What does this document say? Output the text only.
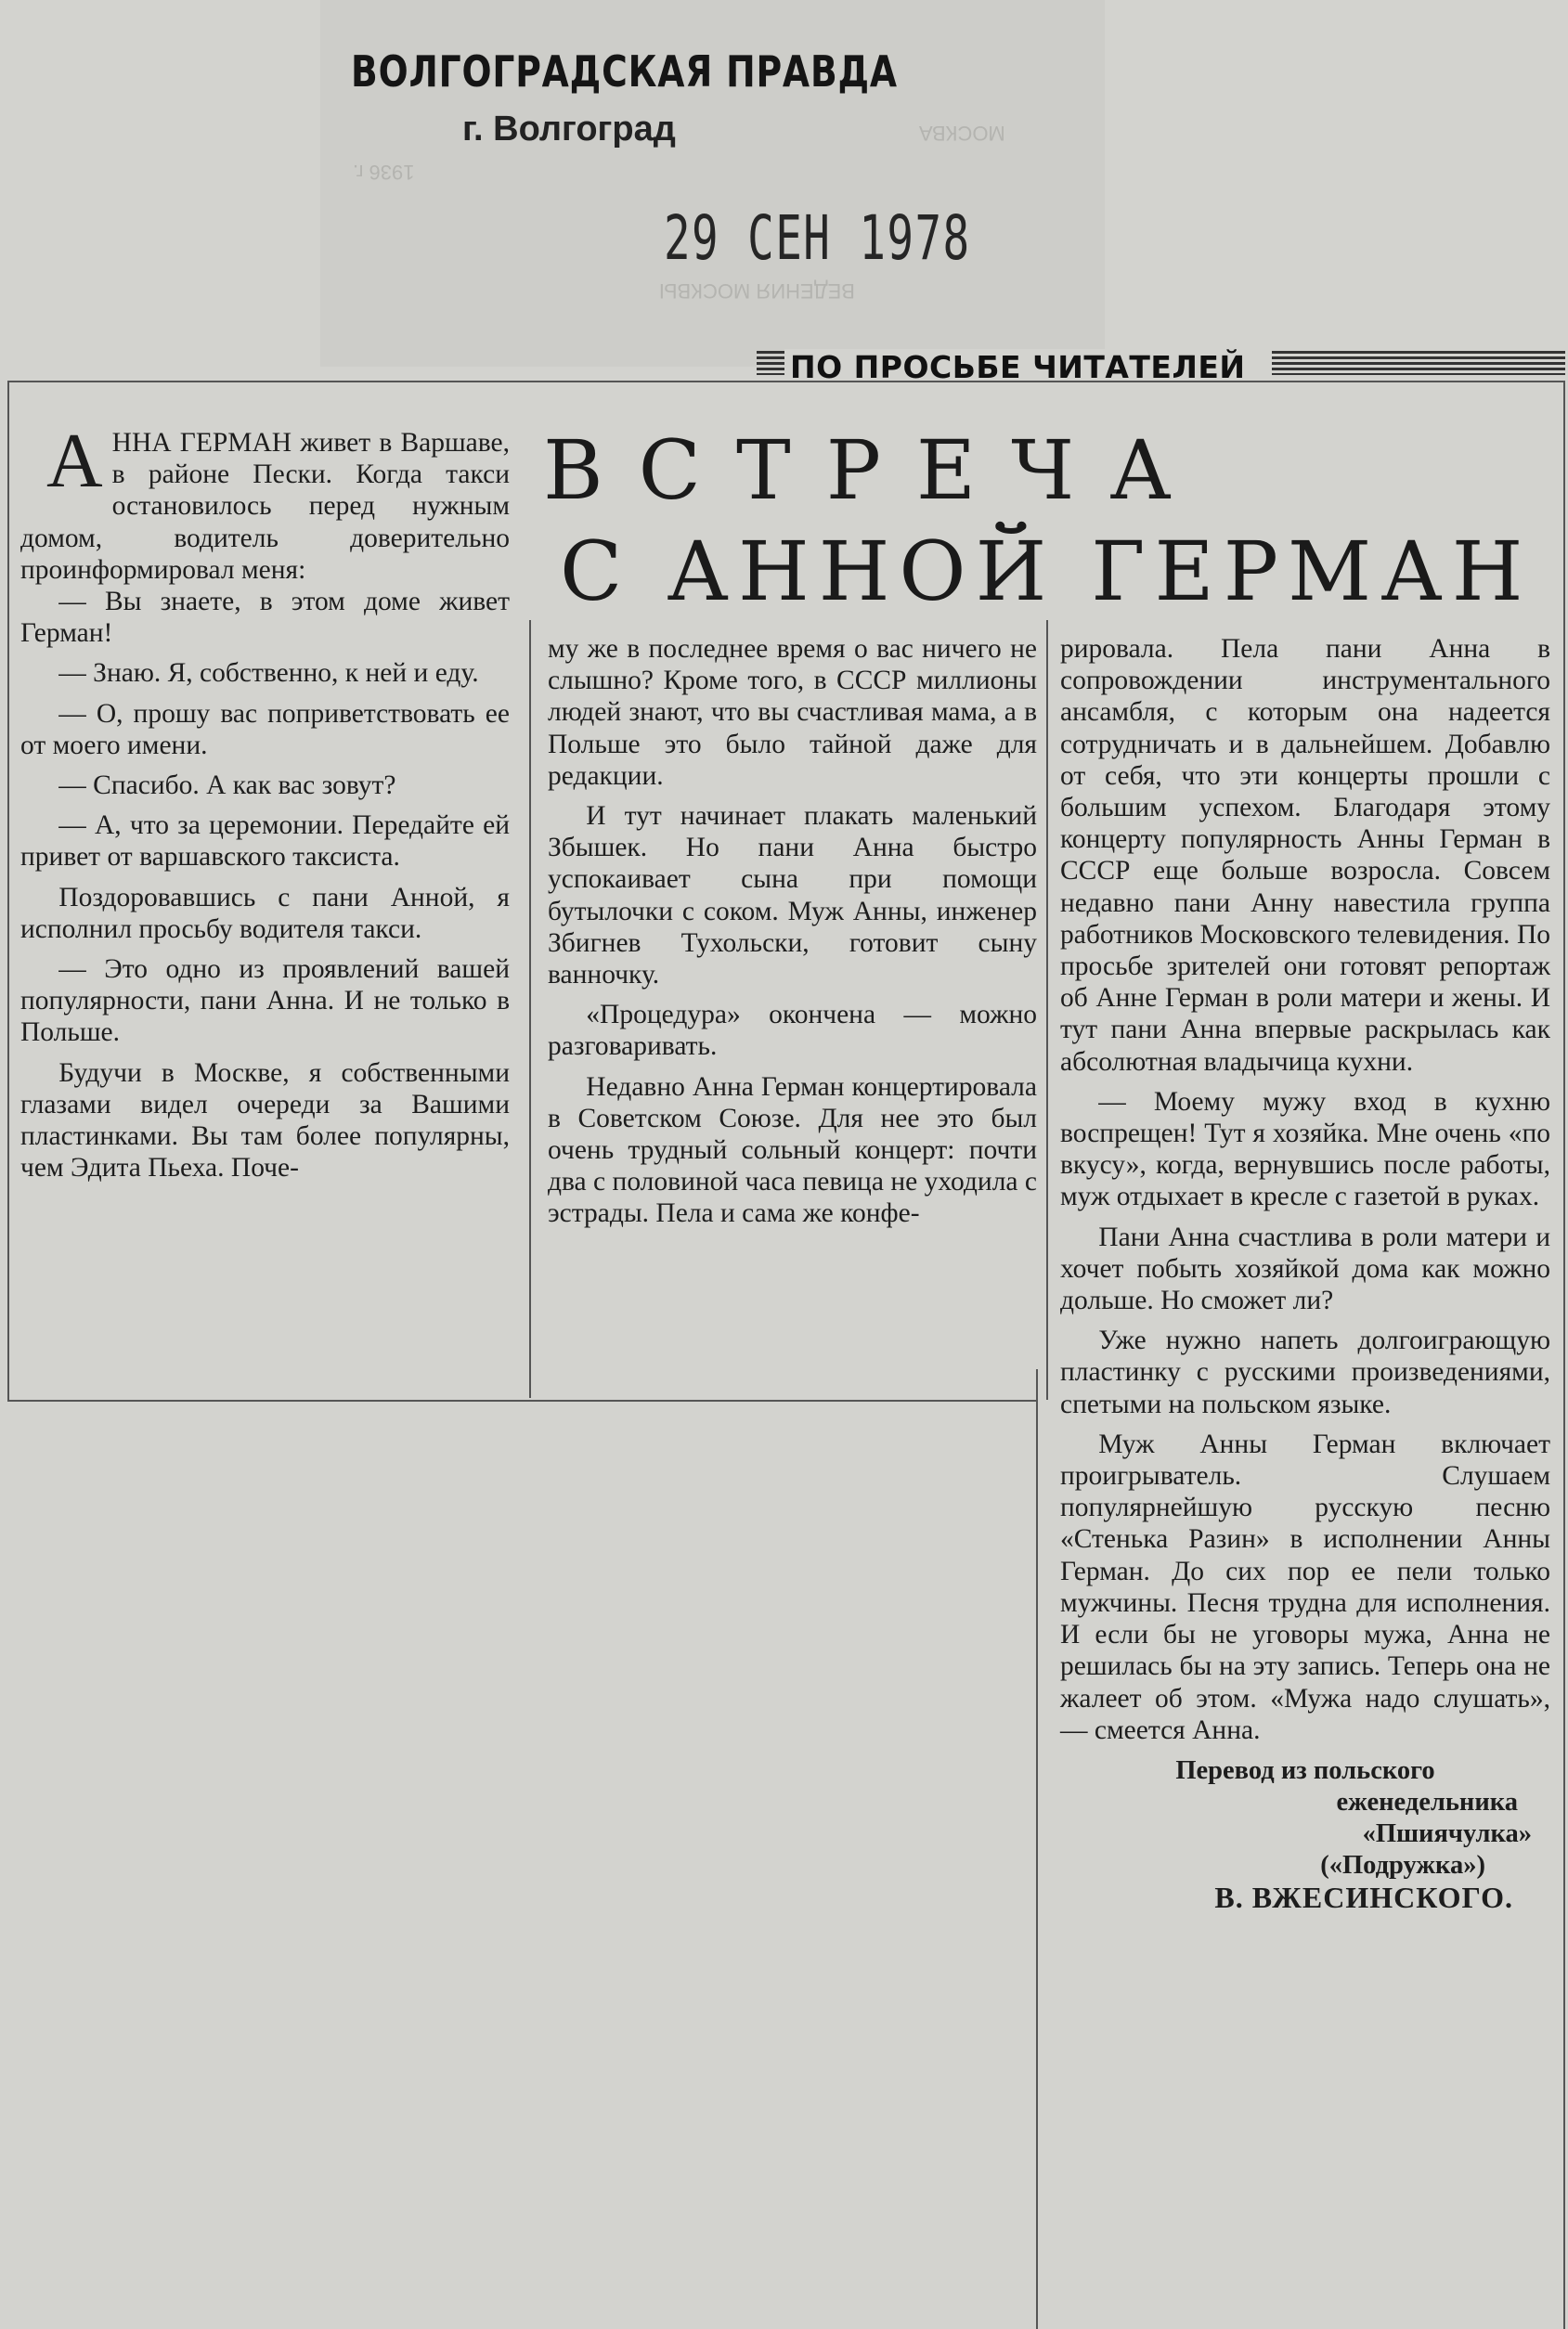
МОСКВА
ВЕДЕНИЯ МОСКВЫ
1936 г.
ВОЛГОГРАДСКАЯ ПРАВДА
г. Волгоград
29 СЕН 1978
ПО ПРОСЬБЕ ЧИТАТЕЛЕЙ
ВСТРЕЧА
С АННОЙ ГЕРМАН

АННА ГЕРМАН живет в Варшаве, в районе Пески. Когда такси остановилось перед нужным домом, водитель доверительно проинформировал меня:

— Вы знаете, в этом доме живет Герман!

— Знаю. Я, собственно, к ней и еду.

— О, прошу вас поприветствовать ее от моего имени.

— Спасибо. А как вас зовут?

— А, что за церемонии. Передайте ей привет от варшавского таксиста.

Поздоровавшись с пани Анной, я исполнил просьбу водителя такси.

— Это одно из проявлений вашей популярности, пани Анна. И не только в Польше.

Будучи в Москве, я собственными глазами видел очереди за Вашими пластинками. Вы там более популярны, чем Эдита Пьеха. Поче-

му же в последнее время о вас ничего не слышно? Кроме того, в СССР миллионы людей знают, что вы счастливая мама, а в Польше это было тайной даже для редакции.

И тут начинает плакать маленький Збышек. Но пани Анна быстро успокаивает сына при помощи бутылочки с соком. Муж Анны, инженер Збигнев Тухольски, готовит сыну ванночку.

«Процедура» окончена — можно разговаривать.

Недавно Анна Герман концертировала в Советском Союзе. Для нее это был очень трудный сольный концерт: почти два с половиной часа певица не уходила с эстрады. Пела и сама же конфе-

рировала. Пела пани Анна в сопровождении инструментального ансамбля, с которым она надеется сотрудничать и в дальнейшем. Добавлю от себя, что эти концерты прошли с большим успехом. Благодаря этому концерту популярность Анны Герман в СССР еще больше возросла. Совсем недавно пани Анну навестила группа работников Московского телевидения. По просьбе зрителей они готовят репортаж об Анне Герман в роли матери и жены. И тут пани Анна впервые раскрылась как абсолютная владычица кухни.

— Моему мужу вход в кухню воспрещен! Тут я хозяйка. Мне очень «по вкусу», когда, вернувшись после работы, муж отдыхает в кресле с газетой в руках.

Пани Анна счастлива в роли матери и хочет побыть хозяйкой дома как можно дольше. Но сможет ли?

Уже нужно напеть долгоиграющую пластинку с русскими произведениями, спетыми на польском языке.

Муж Анны Герман включает проигрыватель. Слушаем популярнейшую русскую песню «Стенька Разин» в исполнении Анны Герман. До сих пор ее пели только мужчины. Песня трудна для исполнения. И если бы не уговоры мужа, Анна не решилась бы на эту запись. Теперь она не жалеет об этом. «Мужа надо слушать», — смеется Анна.

Перевод из польского
еженедельника
«Пшиячулка»
(«Подружка»)
В. ВЖЕСИНСКОГО.
